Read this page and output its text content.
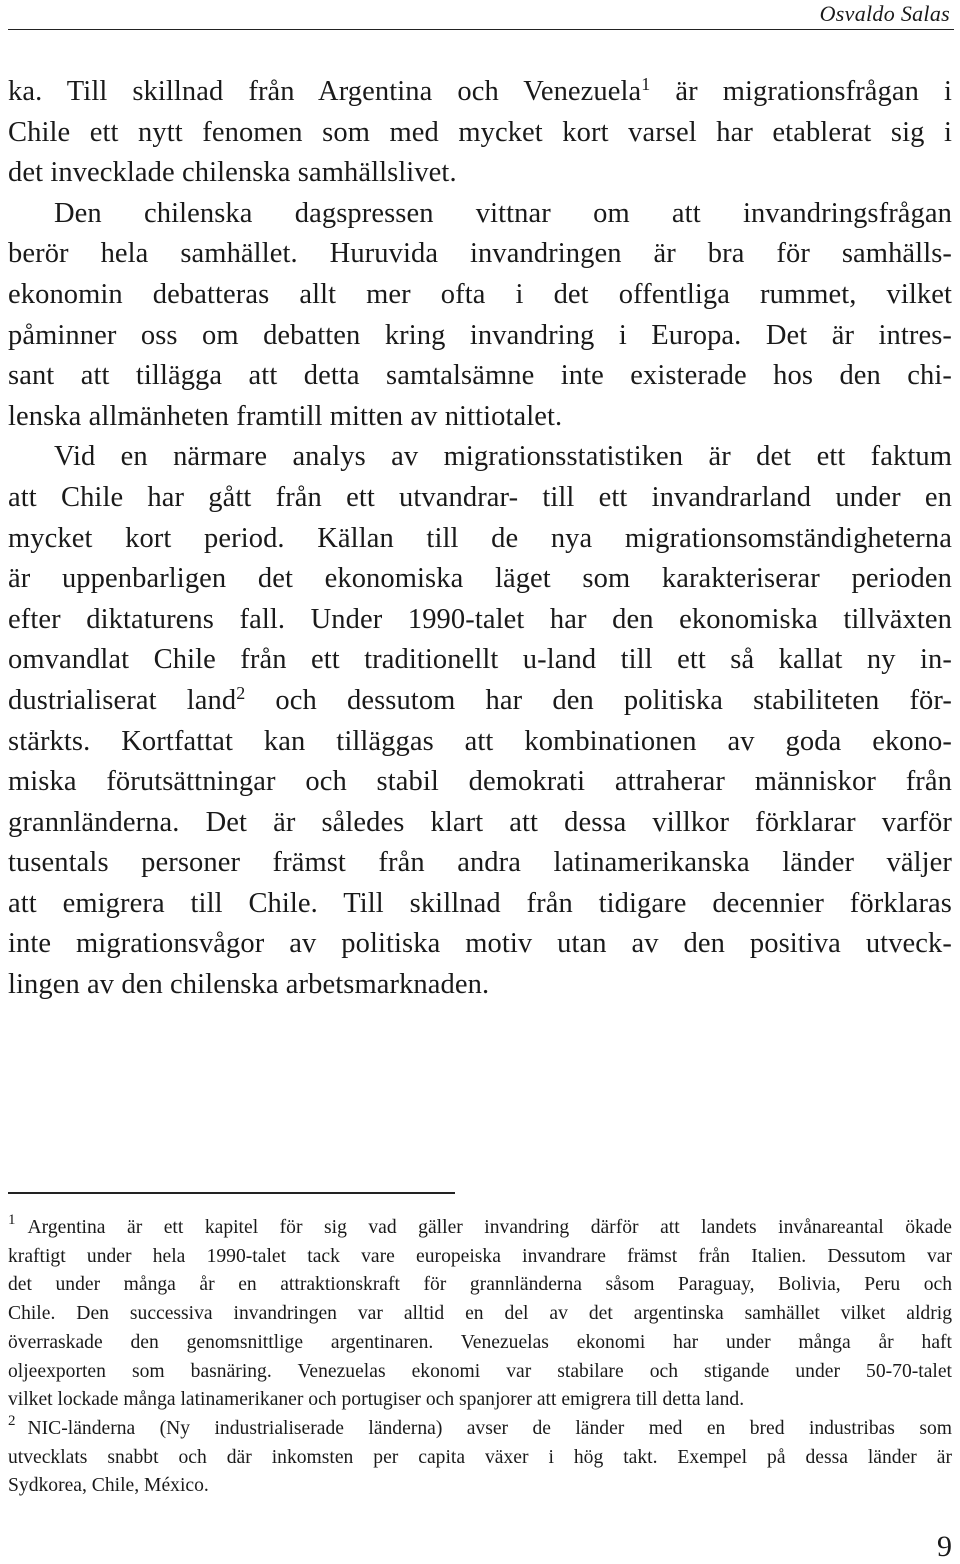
Osvaldo Salas
ka. Till skillnad från Argentina och Venezuela$^1$ är migrationsfrågan i
Chile ett nytt fenomen som med mycket kort varsel har etablerat sig i
det invecklade chilenska samhällslivet.
Den chilenska dagspressen vittnar om att invandringsfrågan
berör hela samhället. Huruvida invandringen är bra för samhälls-
ekonomin debatteras allt mer ofta i det offentliga rummet, vilket
påminner oss om debatten kring invandring i Europa. Det är intres-
sant att tillägga att detta samtalsämne inte existerade hos den chi-
lenska allmänheten framtill mitten av nittiotalet.
Vid en närmare analys av migrationsstatistiken är det ett faktum
att Chile har gått från ett utvandrar- till ett invandrarland under en
mycket kort period. Källan till de nya migrationsomständigheterna
är uppenbarligen det ekonomiska läget som karakteriserar perioden
efter diktaturens fall. Under 1990-talet har den ekonomiska tillväxten
omvandlat Chile från ett traditionellt u-land till ett så kallat ny in-
dustrialiserat land$^2$ och dessutom har den politiska stabiliteten för-
stärkts. Kortfattat kan tilläggas att kombinationen av goda ekono-
miska förutsättningar och stabil demokrati attraherar människor från
grannländerna. Det är således klart att dessa villkor förklarar varför
tusentals personer främst från andra latinamerikanska länder väljer
att emigrera till Chile. Till skillnad från tidigare decennier förklaras
inte migrationsvågor av politiska motiv utan av den positiva utveck-
lingen av den chilenska arbetsmarknaden.
$^1$ Argentina är ett kapitel för sig vad gäller invandring därför att landets invånareantal ökade
kraftigt under hela 1990-talet tack vare europeiska invandrare främst från Italien. Dessutom var
det under många år en attraktionskraft för grannländerna såsom Paraguay, Bolivia, Peru och
Chile. Den successiva invandringen var alltid en del av det argentinska samhället vilket aldrig
överraskade den genomsnittlige argentinaren. Venezuelas ekonomi har under många år haft
oljeexporten som basnäring. Venezuelas ekonomi var stabilare och stigande under 50-70-talet
vilket lockade många latinamerikaner och portugiser och spanjorer att emigrera till detta land.
$^2$ NIC-länderna (Ny industrialiserade länderna) avser de länder med en bred industribas som
utvecklats snabbt och där inkomsten per capita växer i hög takt. Exempel på dessa länder är
Sydkorea, Chile, México.
9
